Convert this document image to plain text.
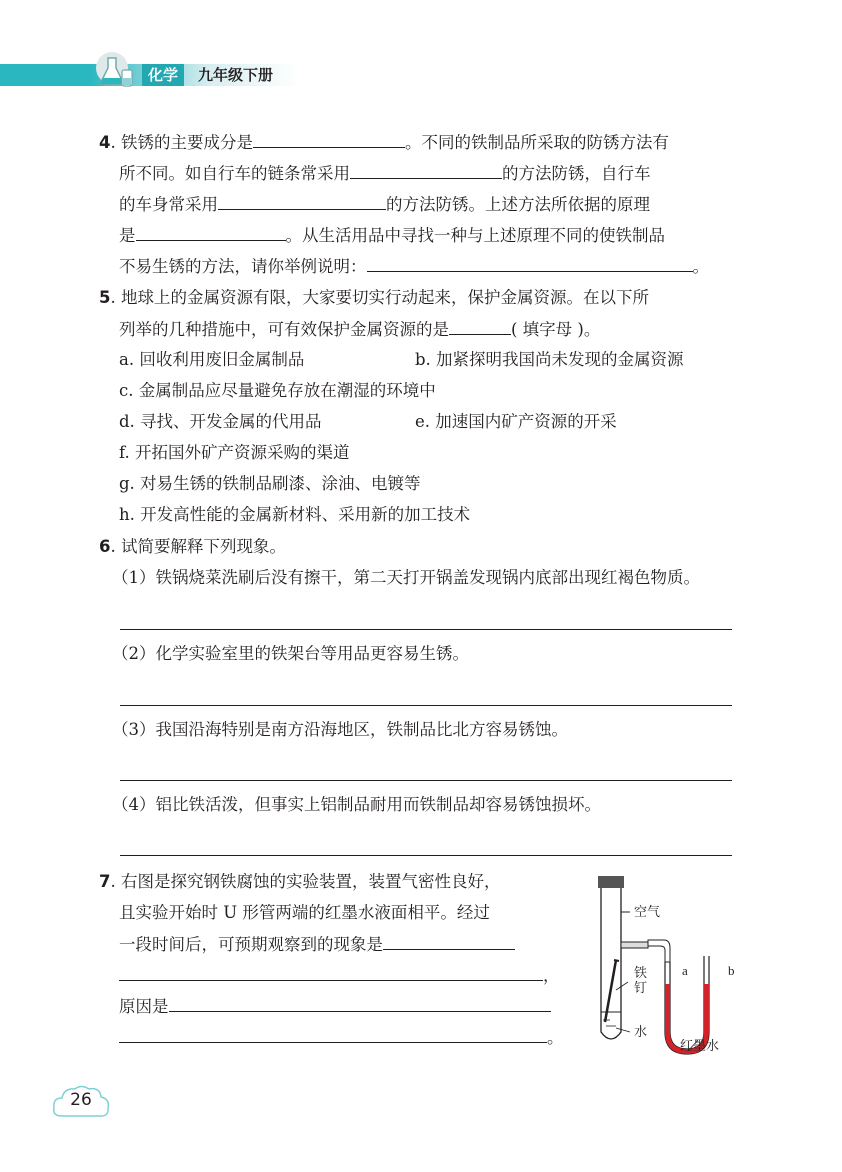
化学	九年级下册
4. 铁锈的主要成分是	。不同的铁制品所采取的防锈方法有
所不同。如自行车的链条常采用	的方法防锈，自行车
的车身常采用	的方法防锈。上述方法所依据的原理
是	。从生活用品中寻找一种与上述原理不同的使铁制品
不易生锈的方法，请你举例说明：	。
5. 地球上的金属资源有限，大家要切实行动起来，保护金属资源。在以下所
列举的几种措施中，可有效保护金属资源的是	( 填字母 )。
a. 回收利用废旧金属制品	b. 加紧探明我国尚未发现的金属资源
c. 金属制品应尽量避免存放在潮湿的环境中
d. 寻找、开发金属的代用品	e. 加速国内矿产资源的开采
f. 开拓国外矿产资源采购的渠道
g. 对易生锈的铁制品刷漆、涂油、电镀等
h. 开发高性能的金属新材料、采用新的加工技术
6. 试简要解释下列现象。
（1）铁锅烧菜洗刷后没有擦干，第二天打开锅盖发现锅内底部出现红褐色物质。
（2）化学实验室里的铁架台等用品更容易生锈。
（3）我国沿海特别是南方沿海地区，铁制品比北方容易锈蚀。
（4）铝比铁活泼，但事实上铝制品耐用而铁制品却容易锈蚀损坏。
7. 右图是探究钢铁腐蚀的实验装置，装置气密性良好，
且实验开始时 U 形管两端的红墨水液面相平。经过
一段时间后，可预期观察到的现象是
，
原因是
。
空气
铁
钉
a	b
水
红墨水
26
